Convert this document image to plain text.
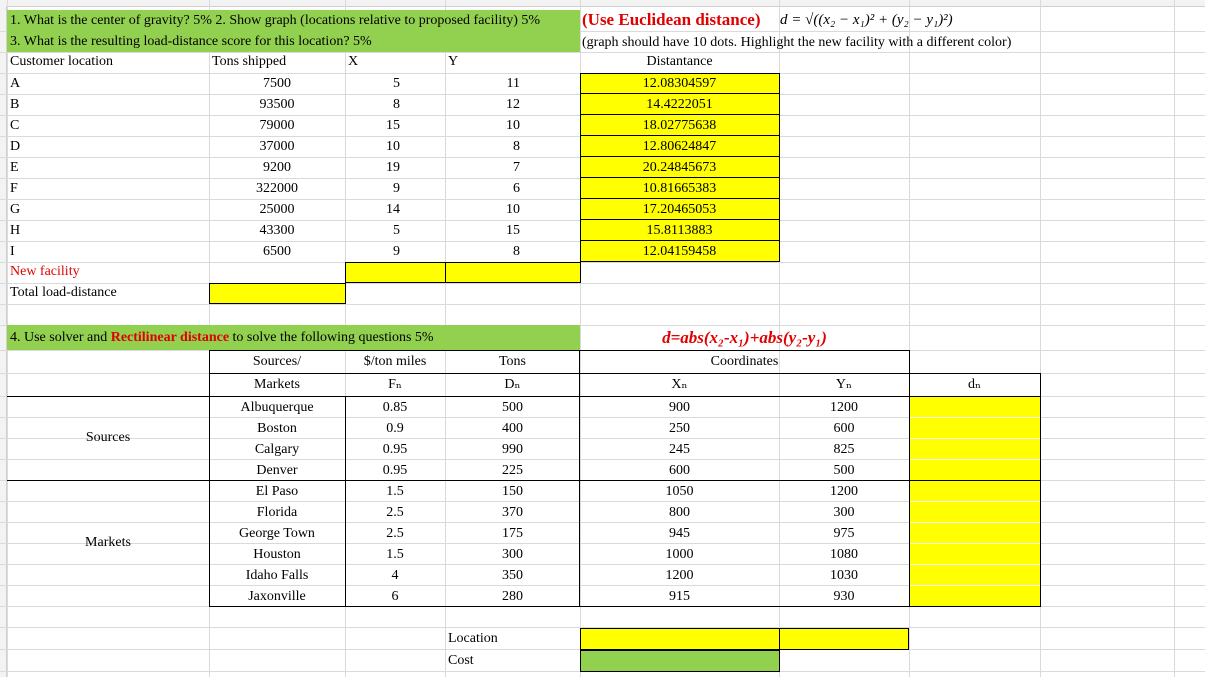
1. What is the center of gravity? 5% 2. Show graph (locations relative to proposed facility) 5%
3. What is the resulting load-distance score for this location? 5%
(Use Euclidean distance) d = √((x₂ − x₁)² + (y₂ − y₁)²)
(graph should have 10 dots. Highlight the new facility with a different color)
Customer location	Tons shipped	X	Y	Distantance
A	7500	5	11	12.08304597
B	93500	8	12	14.4222051
C	79000	15	10	18.02775638
D	37000	10	8	12.80624847
E	9200	19	7	20.24845673
F	322000	9	6	10.81665383
G	25000	14	10	17.20465053
H	43300	5	15	15.8113883
I	6500	9	8	12.04159458
New facility
Total load-distance
4. Use solver and Rectilinear distance to solve the following questions 5%	d=abs(x₂-x₁)+abs(y₂-y₁)
Sources/	$/ton miles	Tons	Coordinates
Markets	Fₙ	Dₙ	Xₙ	Yₙ	dₙ
Sources
Markets
Albuquerque	0.85	500	900	1200
Boston	0.9	400	250	600
Calgary	0.95	990	245	825
Denver	0.95	225	600	500
El Paso	1.5	150	1050	1200
Florida	2.5	370	800	300
George Town	2.5	175	945	975
Houston	1.5	300	1000	1080
Idaho Falls	4	350	1200	1030
Jaxonville	6	280	915	930
Location
Cost
